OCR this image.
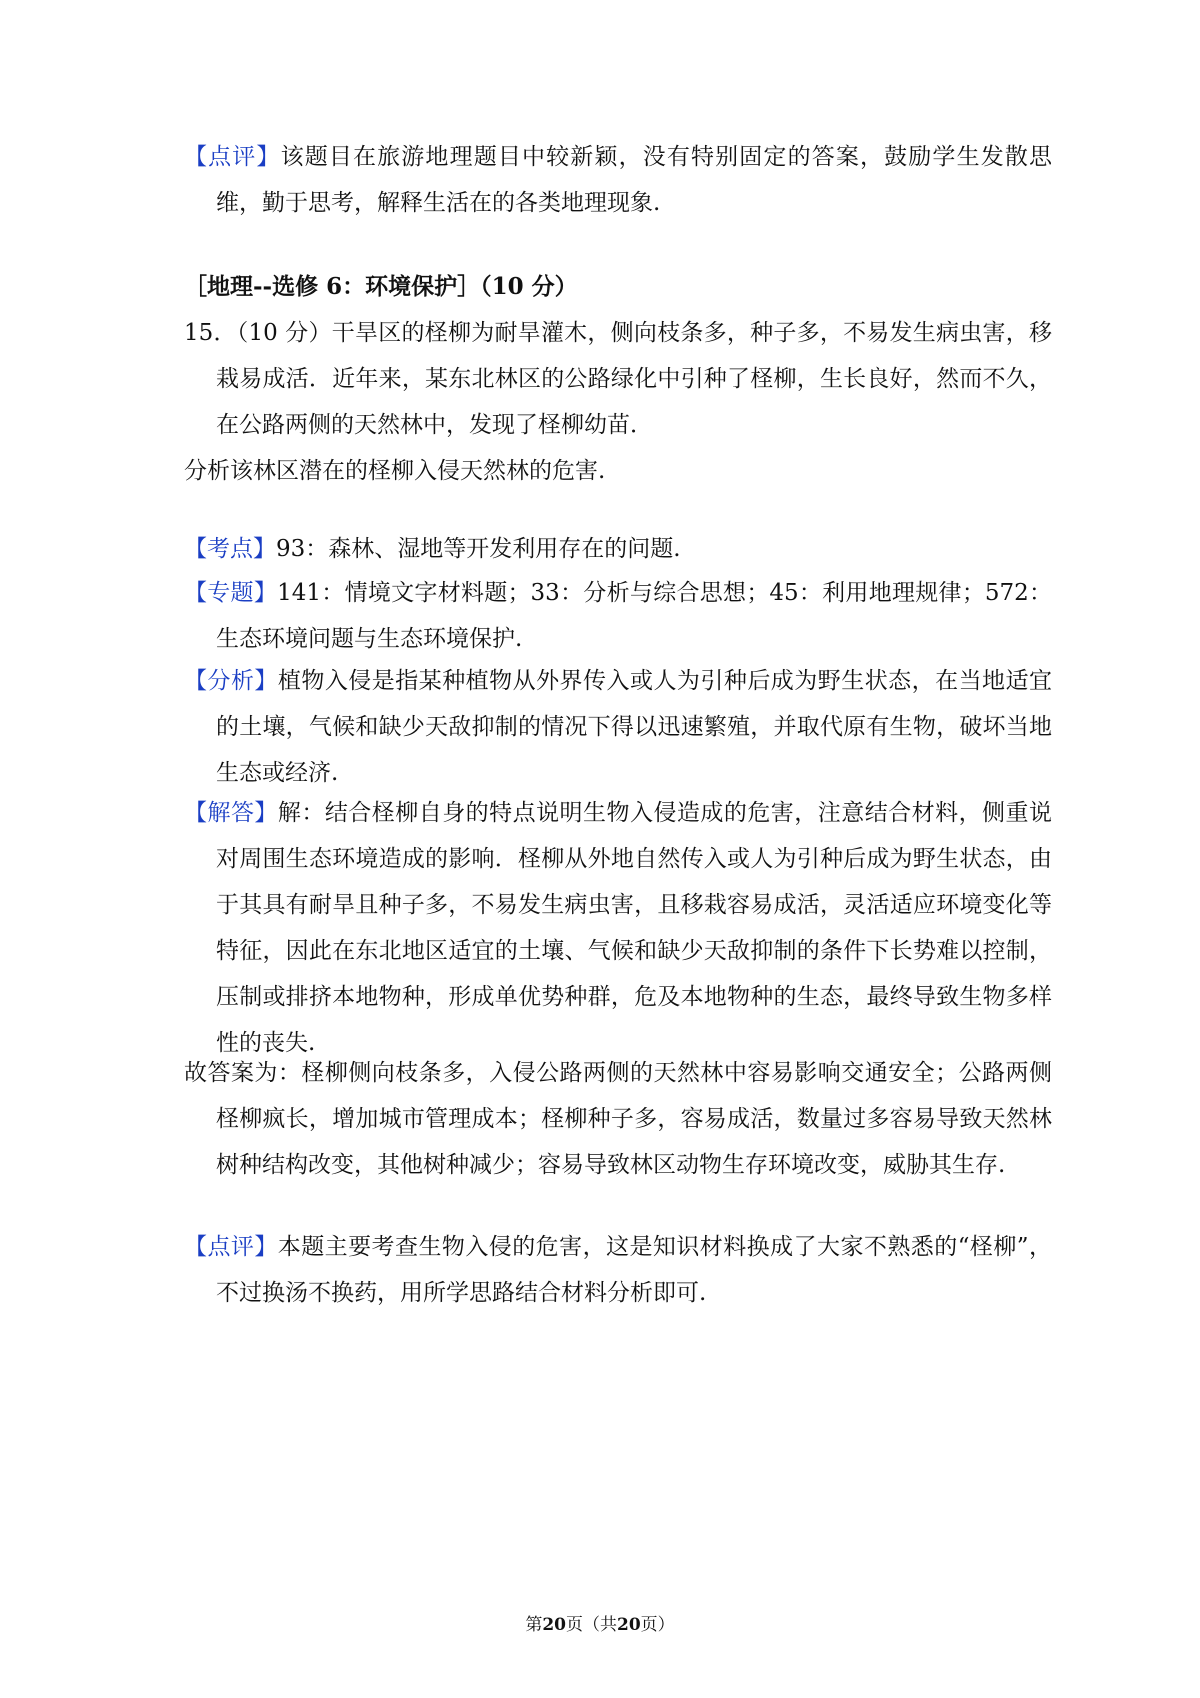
【点评】该题目在旅游地理题目中较新颖，没有特别固定的答案，鼓励学生发散思维，勤于思考，解释生活在的各类地理现象.
［地理--选修 6：环境保护］（10 分）
15．（10 分）干旱区的柽柳为耐旱灌木，侧向枝条多，种子多，不易发生病虫害，移栽易成活．近年来，某东北林区的公路绿化中引种了柽柳，生长良好，然而不久，在公路两侧的天然林中，发现了柽柳幼苗．
分析该林区潜在的柽柳入侵天然林的危害.
【考点】93：森林、湿地等开发利用存在的问题.
【专题】141：情境文字材料题；33：分析与综合思想；45：利用地理规律；572：生态环境问题与生态环境保护.
【分析】植物入侵是指某种植物从外界传入或人为引种后成为野生状态，在当地适宜的土壤，气候和缺少天敌抑制的情况下得以迅速繁殖，并取代原有生物，破坏当地生态或经济.
【解答】解：结合柽柳自身的特点说明生物入侵造成的危害，注意结合材料，侧重说对周围生态环境造成的影响．柽柳从外地自然传入或人为引种后成为野生状态，由于其具有耐旱且种子多，不易发生病虫害，且移栽容易成活，灵活适应环境变化等特征，因此在东北地区适宜的土壤、气候和缺少天敌抑制的条件下长势难以控制，压制或排挤本地物种，形成单优势种群，危及本地物种的生态，最终导致生物多样性的丧失.
故答案为：柽柳侧向枝条多，入侵公路两侧的天然林中容易影响交通安全；公路两侧柽柳疯长，增加城市管理成本；柽柳种子多，容易成活，数量过多容易导致天然林树种结构改变，其他树种减少；容易导致林区动物生存环境改变，威胁其生存.
【点评】本题主要考查生物入侵的危害，这是知识材料换成了大家不熟悉的“柽柳”，不过换汤不换药，用所学思路结合材料分析即可.
第20页（共20页）
